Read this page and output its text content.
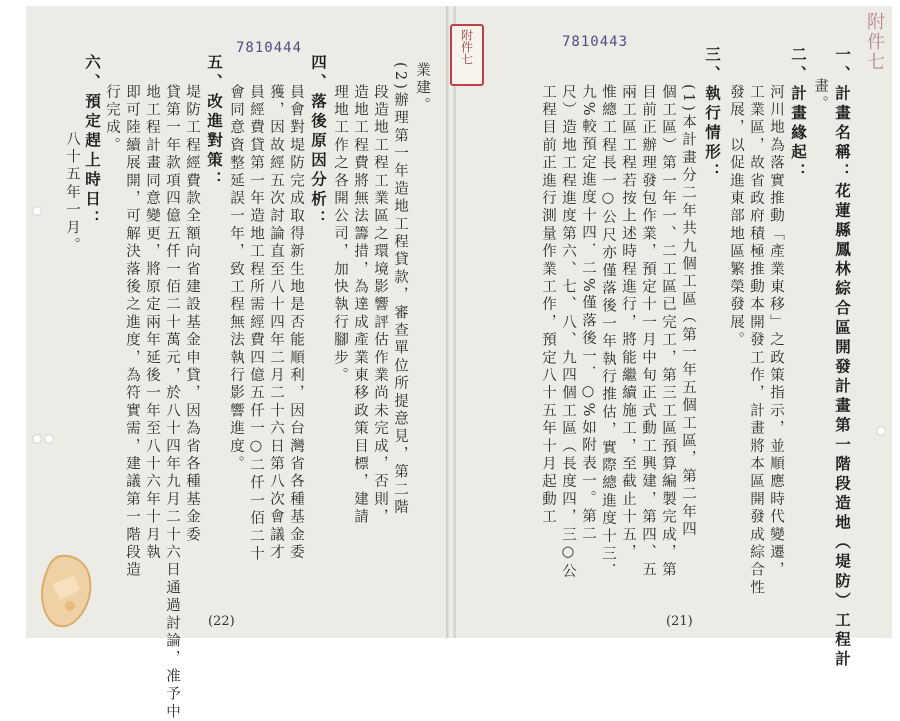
7810444
業建。
(2)辦理第一年造地工程貸款，審查單位所提意見，第二階
段造地工程工業區之環境影響評估作業尚未完成，否則，
造地工程費將無法籌措，為達成產業東移政策目標，建請
理地工作之各開公司，加快執行腳步。
四、落後原因分析：
員會對堤防完成取得新生地是否能順利，因台灣省各種基金委
獲，因故經五次討論直至八十四年二月二十六日第八次會議才
員經費貸第一年造地工程所需經費四億五仟一○二仟一佰二十
會同意資整延誤一年，致工程無法執行影響進度。
五、改進對策：
堤防工程經費款全額向省建設基金申貸，因為省各種基金委
貸第一年款項四億五仟一佰二十萬元，於八十四年九月二十六日通過討論，准予中
地工程計畫同意變更，將原定兩年延後一年至八十六年十月執
即可陸續展開，可解決落後之進度，為符實需，建議第一階段造
行完成。
六、預定趕上時日：
八十五年一月。
(22)
7810443	附件七
一、計畫名稱：花蓮縣鳳林綜合區開發計畫第一階段造地（堤防）工程計
畫。
二、計畫緣起：
河川地為落實推動「產業東移」之政策指示，並順應時代變遷，
工業區，故省政府積極推動本開發工作，計畫將本區開發成綜合性
發展，以促進東部地區繁榮發展。
三、執行情形：
(1)本計畫分二年共九個工區（第一年五個工區，第二年四
個工區）第一年一、二工區已完工，第三工區預算編製完成，第
目前正辦理發包作業，預定十一月中旬正式動工興建，第四、五
兩工區工程若按上述時程進行，將能繼續施工，至截止十五，
惟總工程長一○公尺亦僅落後一年執行推估，實際總進度十三．
九%較預定進度十四．二%僅落後一．○%如附表一。第二
尺）造地工程進度第六、七、八、九四個工區（長度四，三○公
工程目前正進行測量作業工作，預定八十五年十月起動工
(21)
附件七
